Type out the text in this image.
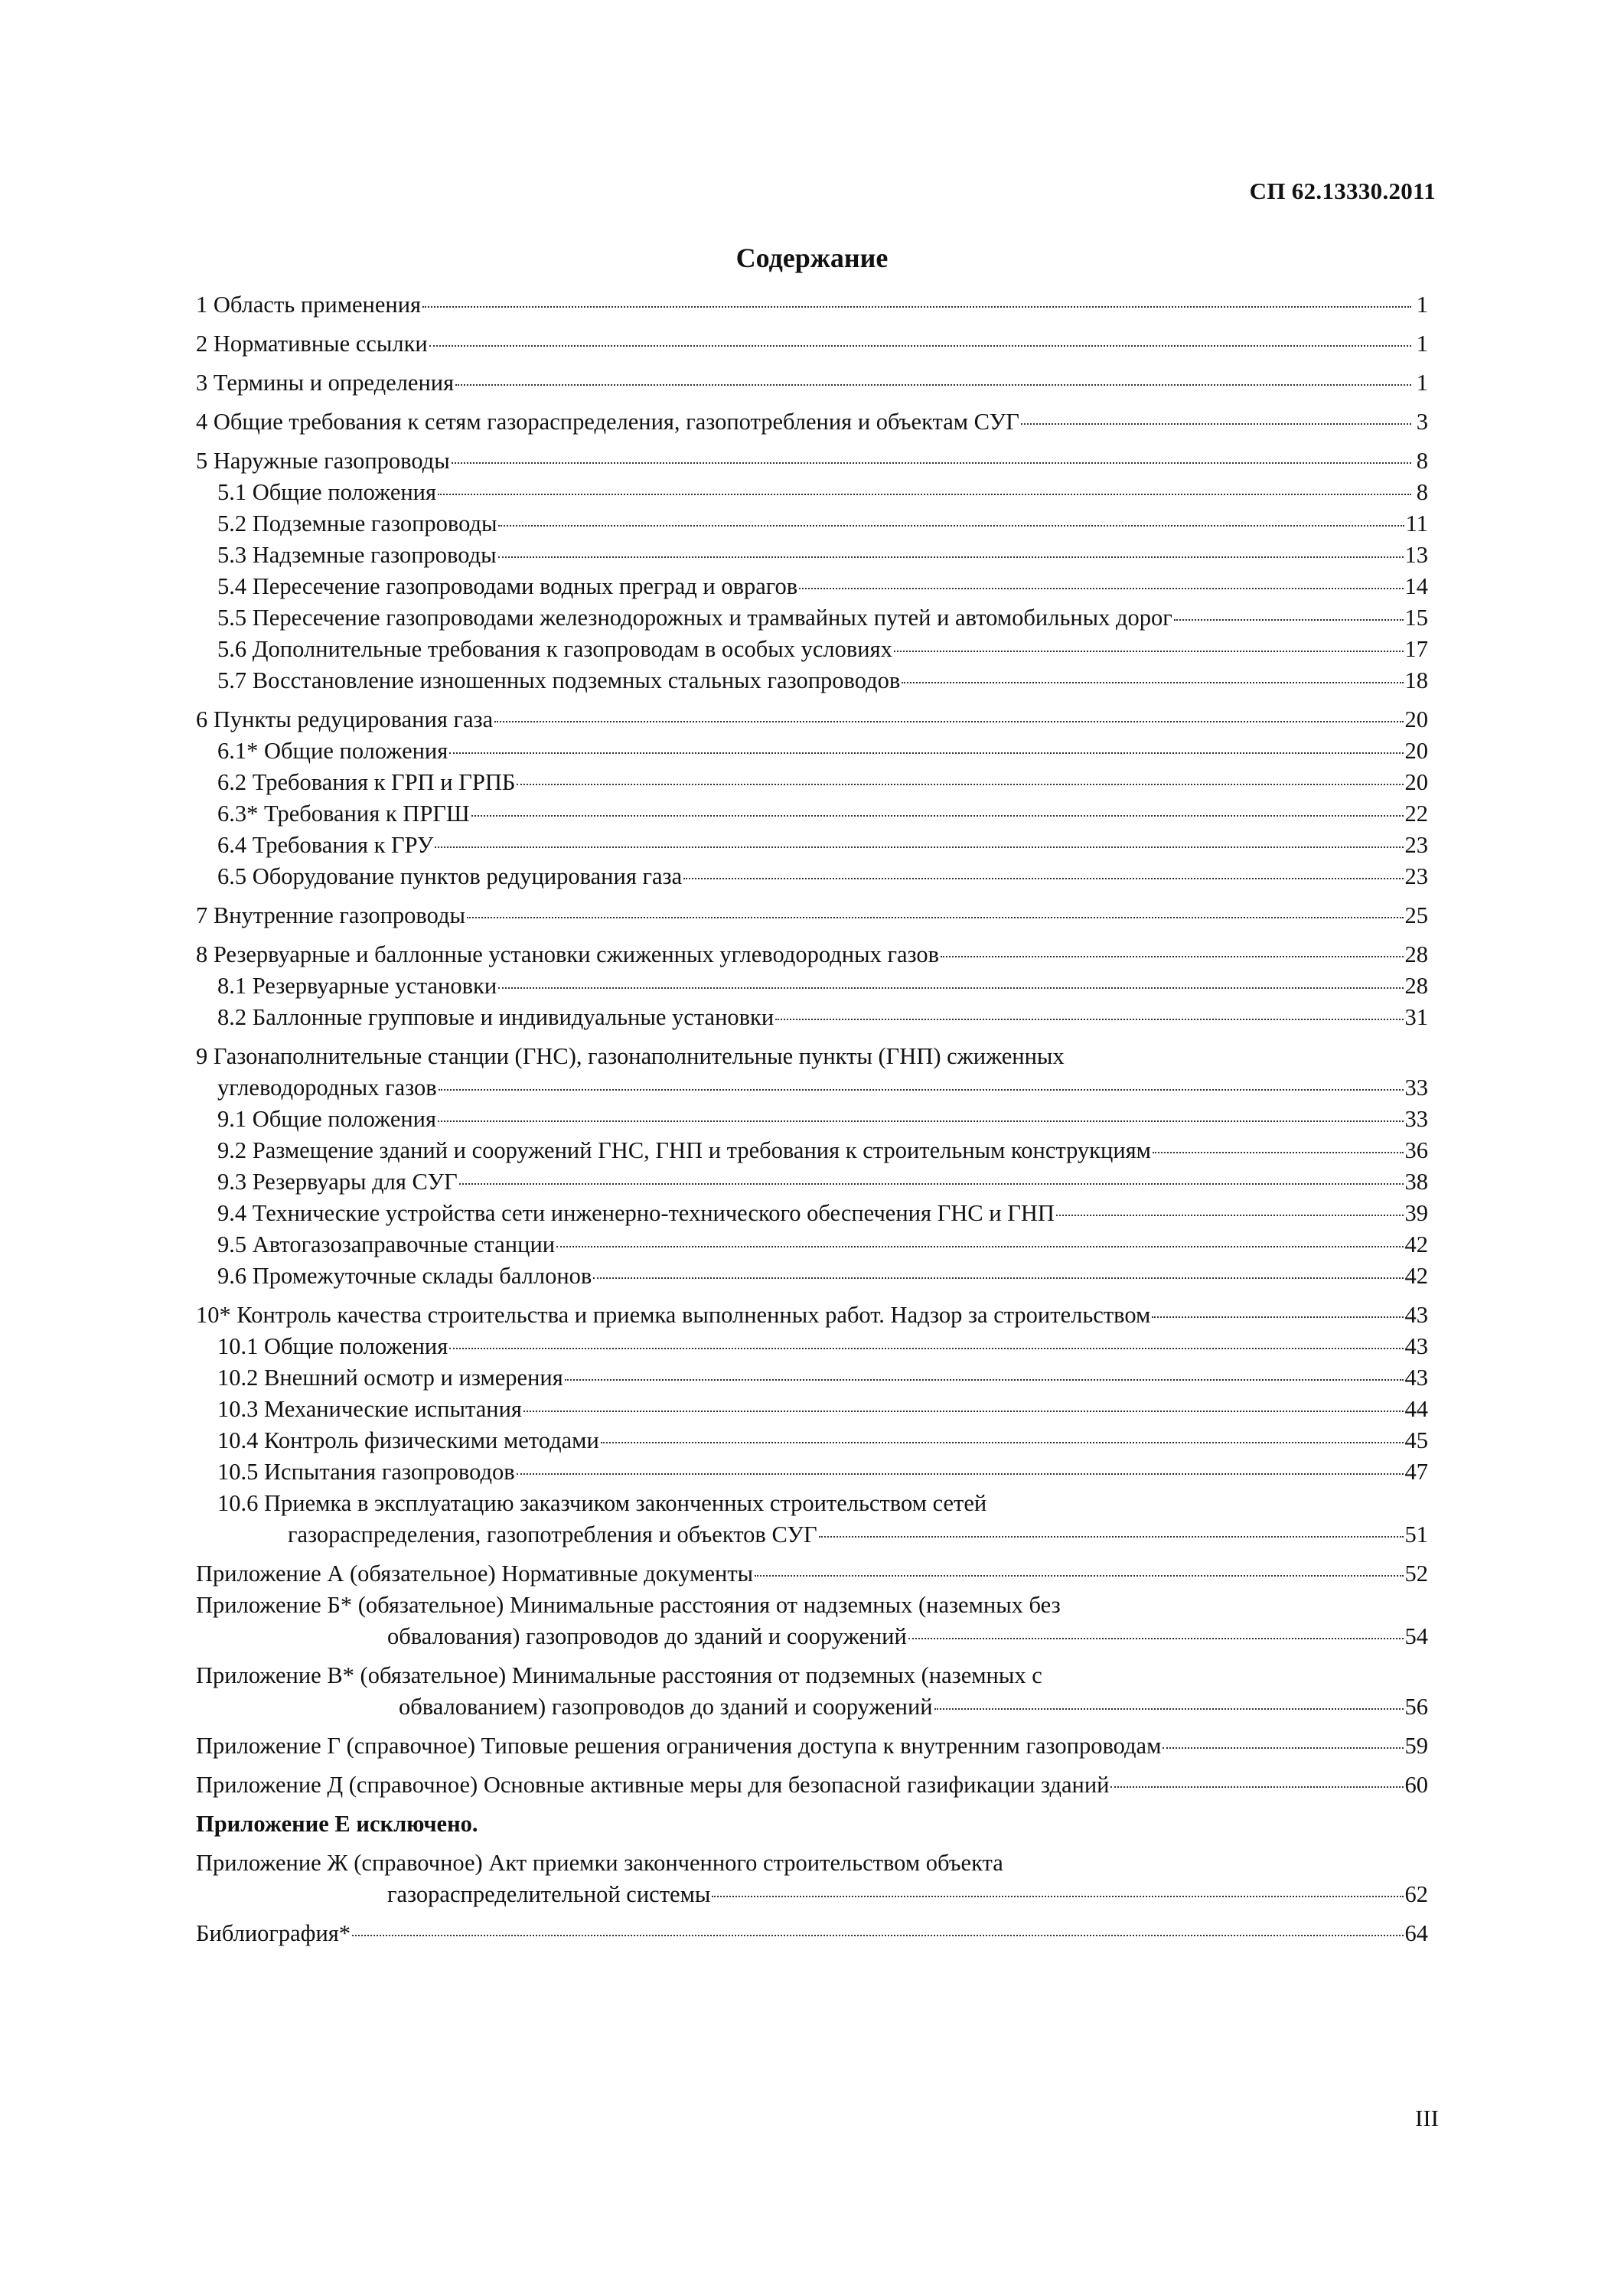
СП 62.13330.2011
Содержание
1 Область применения	1
2 Нормативные ссылки	1
3 Термины и определения	1
4 Общие требования к сетям газораспределения, газопотребления и объектам СУГ	3
5 Наружные газопроводы	8
5.1 Общие положения	8
5.2 Подземные газопроводы	11
5.3 Надземные газопроводы	13
5.4 Пересечение газопроводами водных преград и оврагов	14
5.5 Пересечение газопроводами железнодорожных и трамвайных путей и автомобильных дорог	15
5.6 Дополнительные требования к газопроводам в особых условиях	17
5.7 Восстановление изношенных подземных стальных газопроводов	18
6 Пункты редуцирования газа	20
6.1* Общие положения	20
6.2 Требования к ГРП и ГРПБ	20
6.3* Требования к ПРГШ	22
6.4 Требования к ГРУ	23
6.5 Оборудование пунктов редуцирования газа	23
7 Внутренние газопроводы	25
8 Резервуарные и баллонные установки сжиженных углеводородных газов	28
8.1 Резервуарные установки	28
8.2 Баллонные групповые и индивидуальные установки	31
9 Газонаполнительные станции (ГНС), газонаполнительные пункты (ГНП) сжиженных
углеводородных газов	33
9.1 Общие положения	33
9.2 Размещение зданий и сооружений ГНС, ГНП и требования к строительным конструкциям	36
9.3 Резервуары для СУГ	38
9.4 Технические устройства сети инженерно-технического обеспечения ГНС и ГНП	39
9.5 Автогазозаправочные станции	42
9.6 Промежуточные склады баллонов	42
10* Контроль качества строительства и приемка выполненных работ. Надзор за строительством	43
10.1 Общие положения	43
10.2 Внешний осмотр и измерения	43
10.3 Механические испытания	44
10.4 Контроль физическими методами	45
10.5 Испытания газопроводов	47
10.6 Приемка в эксплуатацию заказчиком законченных строительством сетей
газораспределения, газопотребления и объектов СУГ	51
Приложение А (обязательное) Нормативные документы	52
Приложение Б* (обязательное) Минимальные расстояния от надземных (наземных без
обвалования) газопроводов до зданий и сооружений	54
Приложение В* (обязательное) Минимальные расстояния от подземных (наземных с
обвалованием) газопроводов до зданий и сооружений	56
Приложение Г (справочное) Типовые решения ограничения доступа к внутренним газопроводам	59
Приложение Д (справочное) Основные активные меры для безопасной газификации зданий	60
Приложение Е исключено.
Приложение Ж (справочное) Акт приемки законченного строительством объекта
газораспределительной системы	62
Библиография*	64
III
